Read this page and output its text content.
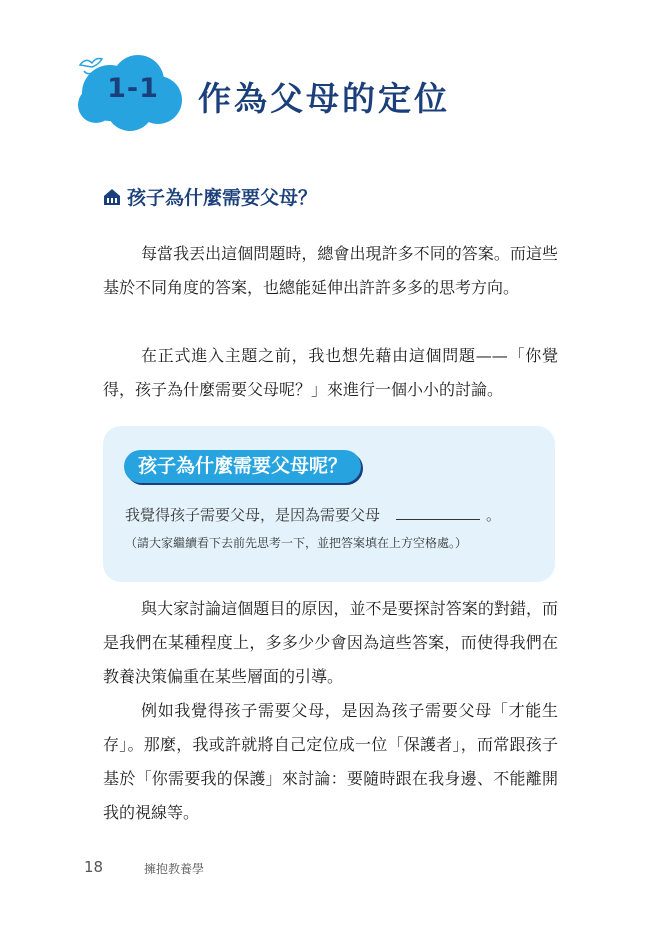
1-1	作為父母的定位
孩子為什麼需要父母？

每當我丟出這個問題時，總會出現許多不同的答案。而這些基於不同角度的答案，也總能延伸出許許多多的思考方向。

在正式進入主題之前，我也想先藉由這個問題——「你覺得，孩子為什麼需要父母呢？」來進行一個小小的討論。

孩子為什麼需要父母呢？
我覺得孩子需要父母，是因為需要父母	。
（請大家繼續看下去前先思考一下，並把答案填在上方空格處。）

與大家討論這個題目的原因，並不是要探討答案的對錯，而是我們在某種程度上，多多少少會因為這些答案，而使得我們在教養決策偏重在某些層面的引導。

例如我覺得孩子需要父母，是因為孩子需要父母「才能生存」。那麼，我或許就將自己定位成一位「保護者」，而常跟孩子基於「你需要我的保護」來討論：要隨時跟在我身邊、不能離開我的視線等。

18	擁抱教養學
